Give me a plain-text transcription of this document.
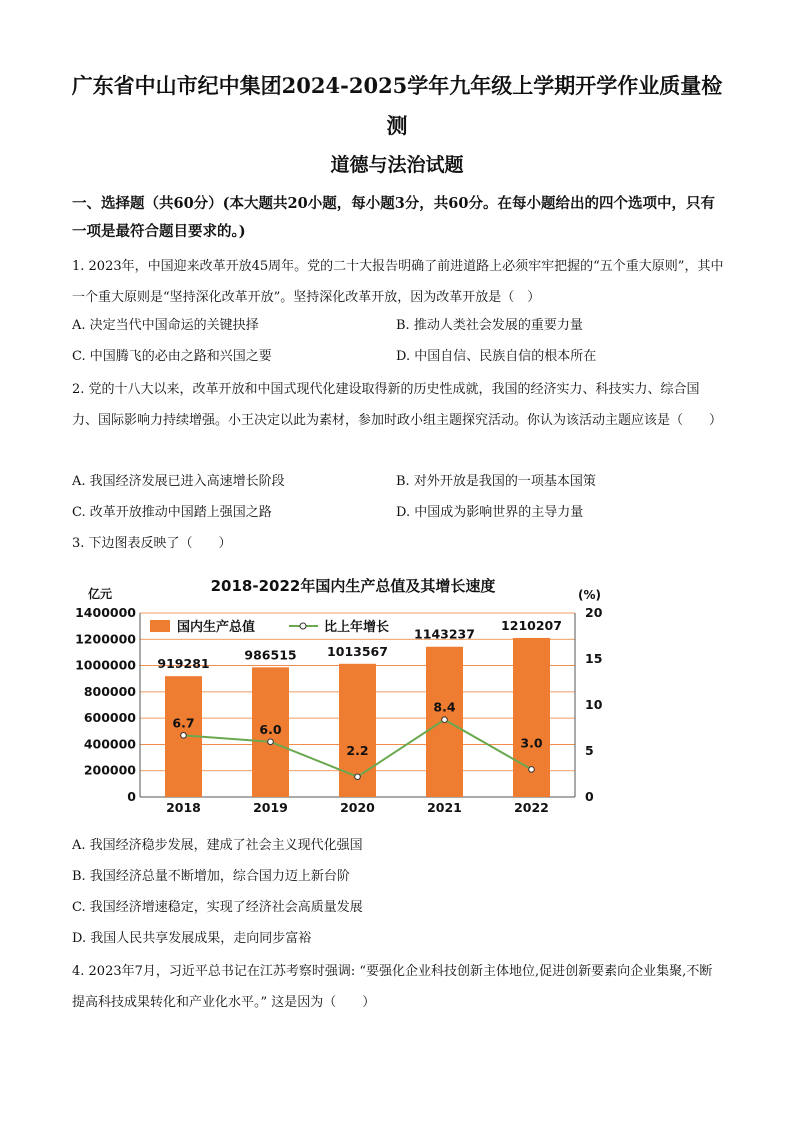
广东省中山市纪中集团2024-2025学年九年级上学期开学作业质量检
测
道德与法治试题
一、选择题（共60分）(本大题共20小题，每小题3分，共60分。在每小题给出的四个选项中，只有一项是最符合题目要求的。)
1. 2023年，中国迎来改革开放45周年。党的二十大报告明确了前进道路上必须牢牢把握的“五个重大原则”，其中一个重大原则是“坚持深化改革开放”。坚持深化改革开放，因为改革开放是（　）
A. 决定当代中国命运的关键抉择	B. 推动人类社会发展的重要力量
C. 中国腾飞的必由之路和兴国之要	D. 中国自信、民族自信的根本所在
2. 党的十八大以来，改革开放和中国式现代化建设取得新的历史性成就，我国的经济实力、科技实力、综合国力、国际影响力持续增强。小王决定以此为素材，参加时政小组主题探究活动。你认为该活动主题应该是（　　）
A. 我国经济发展已进入高速增长阶段	B. 对外开放是我国的一项基本国策
C. 改革开放推动中国踏上强国之路	D. 中国成为影响世界的主导力量
3. 下边图表反映了（　　）
2018-2022年国内生产总值及其增长速度
亿元	(%)
0
200000
400000
600000
800000
1000000
1200000
1400000
0
5
10
15
20
2018	2019	2020	2021	2022
919281
986515 1013567
1143237
1210207
6.7	6.0
2.2
8.4
3.0
国内生产总值	比上年增长
A. 我国经济稳步发展，建成了社会主义现代化强国
B. 我国经济总量不断增加，综合国力迈上新台阶
C. 我国经济增速稳定，实现了经济社会高质量发展
D. 我国人民共享发展成果，走向同步富裕
4. 2023年7月，习近平总书记在江苏考察时强调: “要强化企业科技创新主体地位,促进创新要素向企业集聚,不断提高科技成果转化和产业化水平。” 这是因为（　　）
